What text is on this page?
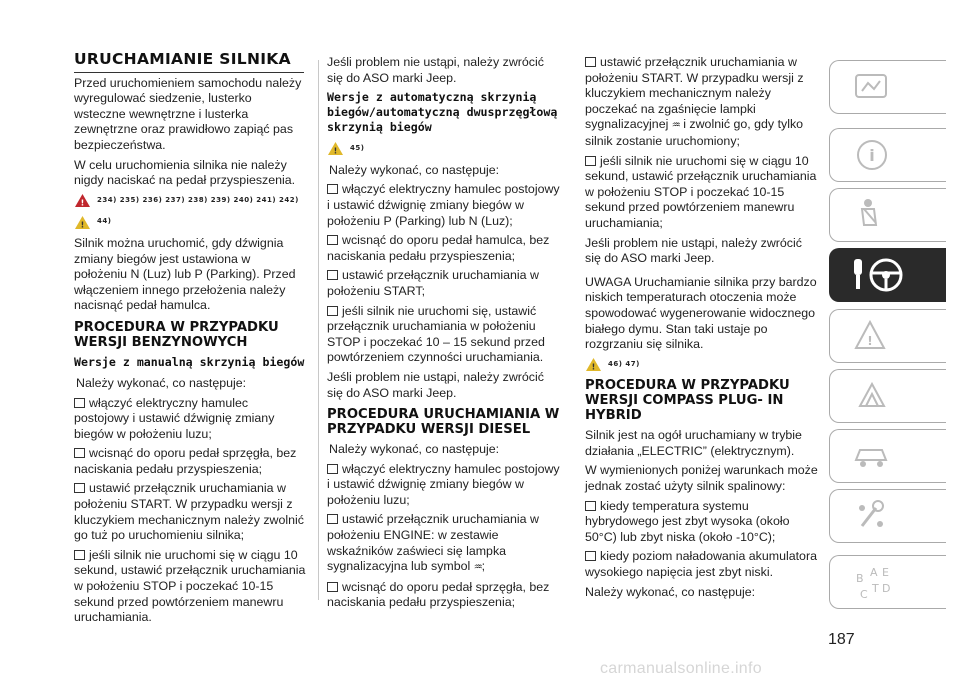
URUCHAMIANIE SILNIKA

Przed uruchomieniem samochodu należy wyregulować siedzenie, lusterko wsteczne wewnętrzne i lusterka zewnętrzne oraz prawidłowo zapiąć pas bezpieczeństwa.

W celu uruchomienia silnika nie należy nigdy naciskać na pedał przyspieszenia.

! 234) 235) 236) 237) 238) 239) 240) 241) 242)
! 44)

Silnik można uruchomić, gdy dźwignia zmiany biegów jest ustawiona w położeniu N (Luz) lub P (Parking). Przed włączeniem innego przełożenia należy nacisnąć pedał hamulca.

PROCEDURA W PRZYPADKU WERSJI BENZYNOWYCH
Wersje z manualną skrzynią biegów

Należy wykonać, co następuje:

włączyć elektryczny hamulec postojowy i ustawić dźwignię zmiany biegów w położeniu luzu;

wcisnąć do oporu pedał sprzęgła, bez naciskania pedału przyspieszenia;

ustawić przełącznik uruchamiania w położeniu START. W przypadku wersji z kluczykiem mechanicznym należy zwolnić go tuż po uruchomieniu silnika;

jeśli silnik nie uruchomi się w ciągu 10 sekund, ustawić przełącznik uruchamiania w położeniu STOP i poczekać 10-15 sekund przed powtórzeniem manewru uruchamiania.

Jeśli problem nie ustąpi, należy zwrócić się do ASO marki Jeep.

Wersje z automatyczną skrzynią biegów/automatyczną dwusprzęgłową skrzynią biegów
! 45)

Należy wykonać, co następuje:

włączyć elektryczny hamulec postojowy i ustawić dźwignię zmiany biegów w położeniu P (Parking) lub N (Luz);

wcisnąć do oporu pedał hamulca, bez naciskania pedału przyspieszenia;

ustawić przełącznik uruchamiania w położeniu START;

jeśli silnik nie uruchomi się, ustawić przełącznik uruchamiania w położeniu STOP i poczekać 10 – 15 sekund przed powtórzeniem czynności uruchamiania.

Jeśli problem nie ustąpi, należy zwrócić się do ASO marki Jeep.

PROCEDURA URUCHAMIANIA W PRZYPADKU WERSJI DIESEL

Należy wykonać, co następuje:

włączyć elektryczny hamulec postojowy i ustawić dźwignię zmiany biegów w położeniu luzu;

ustawić przełącznik uruchamiania w położeniu ENGINE: w zestawie wskaźników zaświeci się lampka sygnalizacyjna lub symbol ♒;

wcisnąć do oporu pedał sprzęgła, bez naciskania pedału przyspieszenia;

ustawić przełącznik uruchamiania w położeniu START. W przypadku wersji z kluczykiem mechanicznym należy poczekać na zgaśnięcie lampki sygnalizacyjnej ♒ i zwolnić go, gdy tylko silnik zostanie uruchomiony;

jeśli silnik nie uruchomi się w ciągu 10 sekund, ustawić przełącznik uruchamiania w położeniu STOP i poczekać 10-15 sekund przed powtórzeniem manewru uruchamiania;

Jeśli problem nie ustąpi, należy zwrócić się do ASO marki Jeep.

UWAGA Uruchamianie silnika przy bardzo niskich temperaturach otoczenia może spowodować wygenerowanie widocznego białego dymu. Stan taki ustaje po rozgrzaniu się silnika.

! 46) 47)
PROCEDURA W PRZYPADKU WERSJI COMPASS PLUG- IN HYBRID

Silnik jest na ogół uruchamiany w trybie działania „ELECTRIC” (elektrycznym).

W wymienionych poniżej warunkach może jednak zostać użyty silnik spalinowy:

kiedy temperatura systemu hybrydowego jest zbyt wysoka (około 50°C) lub zbyt niska (około -10°C);

kiedy poziom naładowania akumulatora wysokiego napięcia jest zbyt niski.

Należy wykonać, co następuje:

i
!
B A E
C T D
187
carmanualsonline.info
